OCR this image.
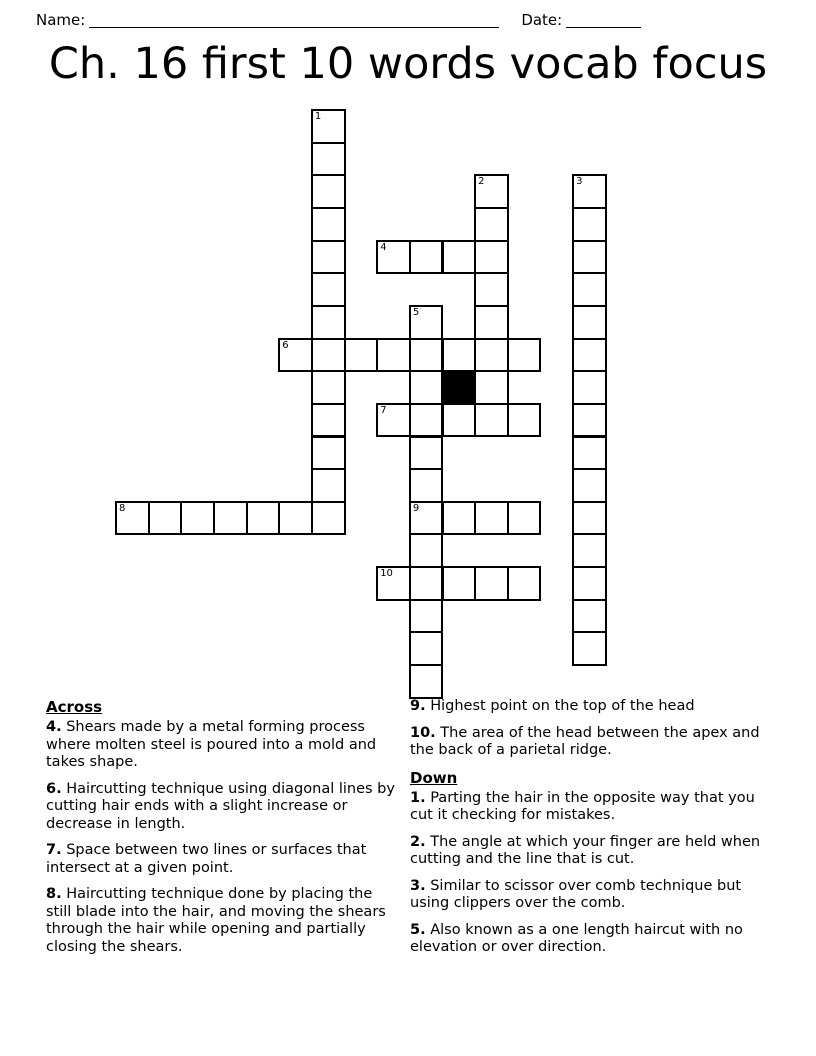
Name:	Date:
Ch. 16 first 10 words vocab focus
1
2	3
4
5
9
6
7
8
10
Across
4. Shears made by a metal forming process where molten steel is poured into a mold and takes shape.
6. Haircutting technique using diagonal lines by cutting hair ends with a slight increase or decrease in length.
7. Space between two lines or surfaces that intersect at a given point.
8. Haircutting technique done by placing the still blade into the hair, and moving the shears through the hair while opening and partially closing the shears.
9. Highest point on the top of the head
10. The area of the head between the apex and the back of a parietal ridge.
Down
1. Parting the hair in the opposite way that you cut it checking for mistakes.
2. The angle at which your finger are held when cutting and the line that is cut.
3. Similar to scissor over comb technique but using clippers over the comb.
5. Also known as a one length haircut with no elevation or over direction.
